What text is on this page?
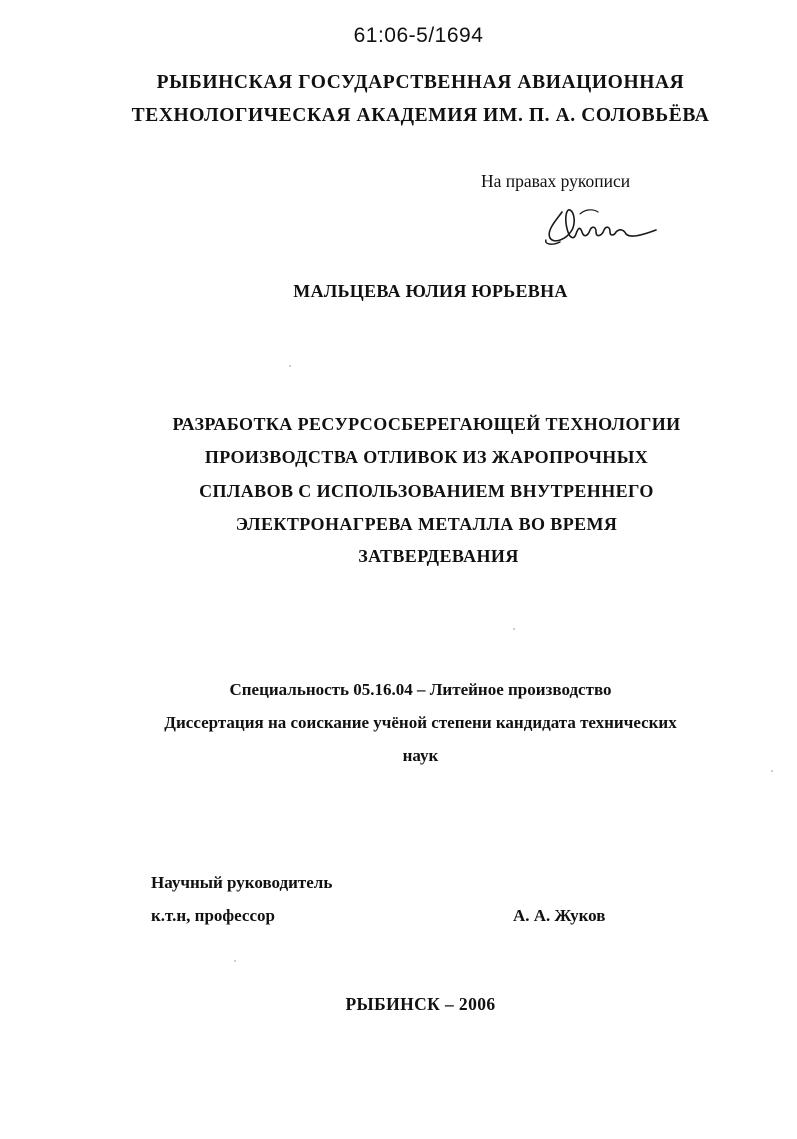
61:06-5/1694
РЫБИНСКАЯ ГОСУДАРСТВЕННАЯ АВИАЦИОННАЯ
ТЕХНОЛОГИЧЕСКАЯ АКАДЕМИЯ ИМ. П. А. СОЛОВЬЁВА
На правах рукописи
МАЛЬЦЕВА ЮЛИЯ ЮРЬЕВНА
РАЗРАБОТКА РЕСУРСОСБЕРЕГАЮЩЕЙ ТЕХНОЛОГИИ
ПРОИЗВОДСТВА ОТЛИВОК ИЗ ЖАРОПРОЧНЫХ
СПЛАВОВ С ИСПОЛЬЗОВАНИЕМ ВНУТРЕННЕГО
ЭЛЕКТРОНАГРЕВА МЕТАЛЛА ВО ВРЕМЯ
ЗАТВЕРДЕВАНИЯ
Специальность 05.16.04 – Литейное производство
Диссертация на соискание учёной степени кандидата технических
наук
Научный руководитель
к.т.н, профессор	А. А. Жуков
РЫБИНСК – 2006
